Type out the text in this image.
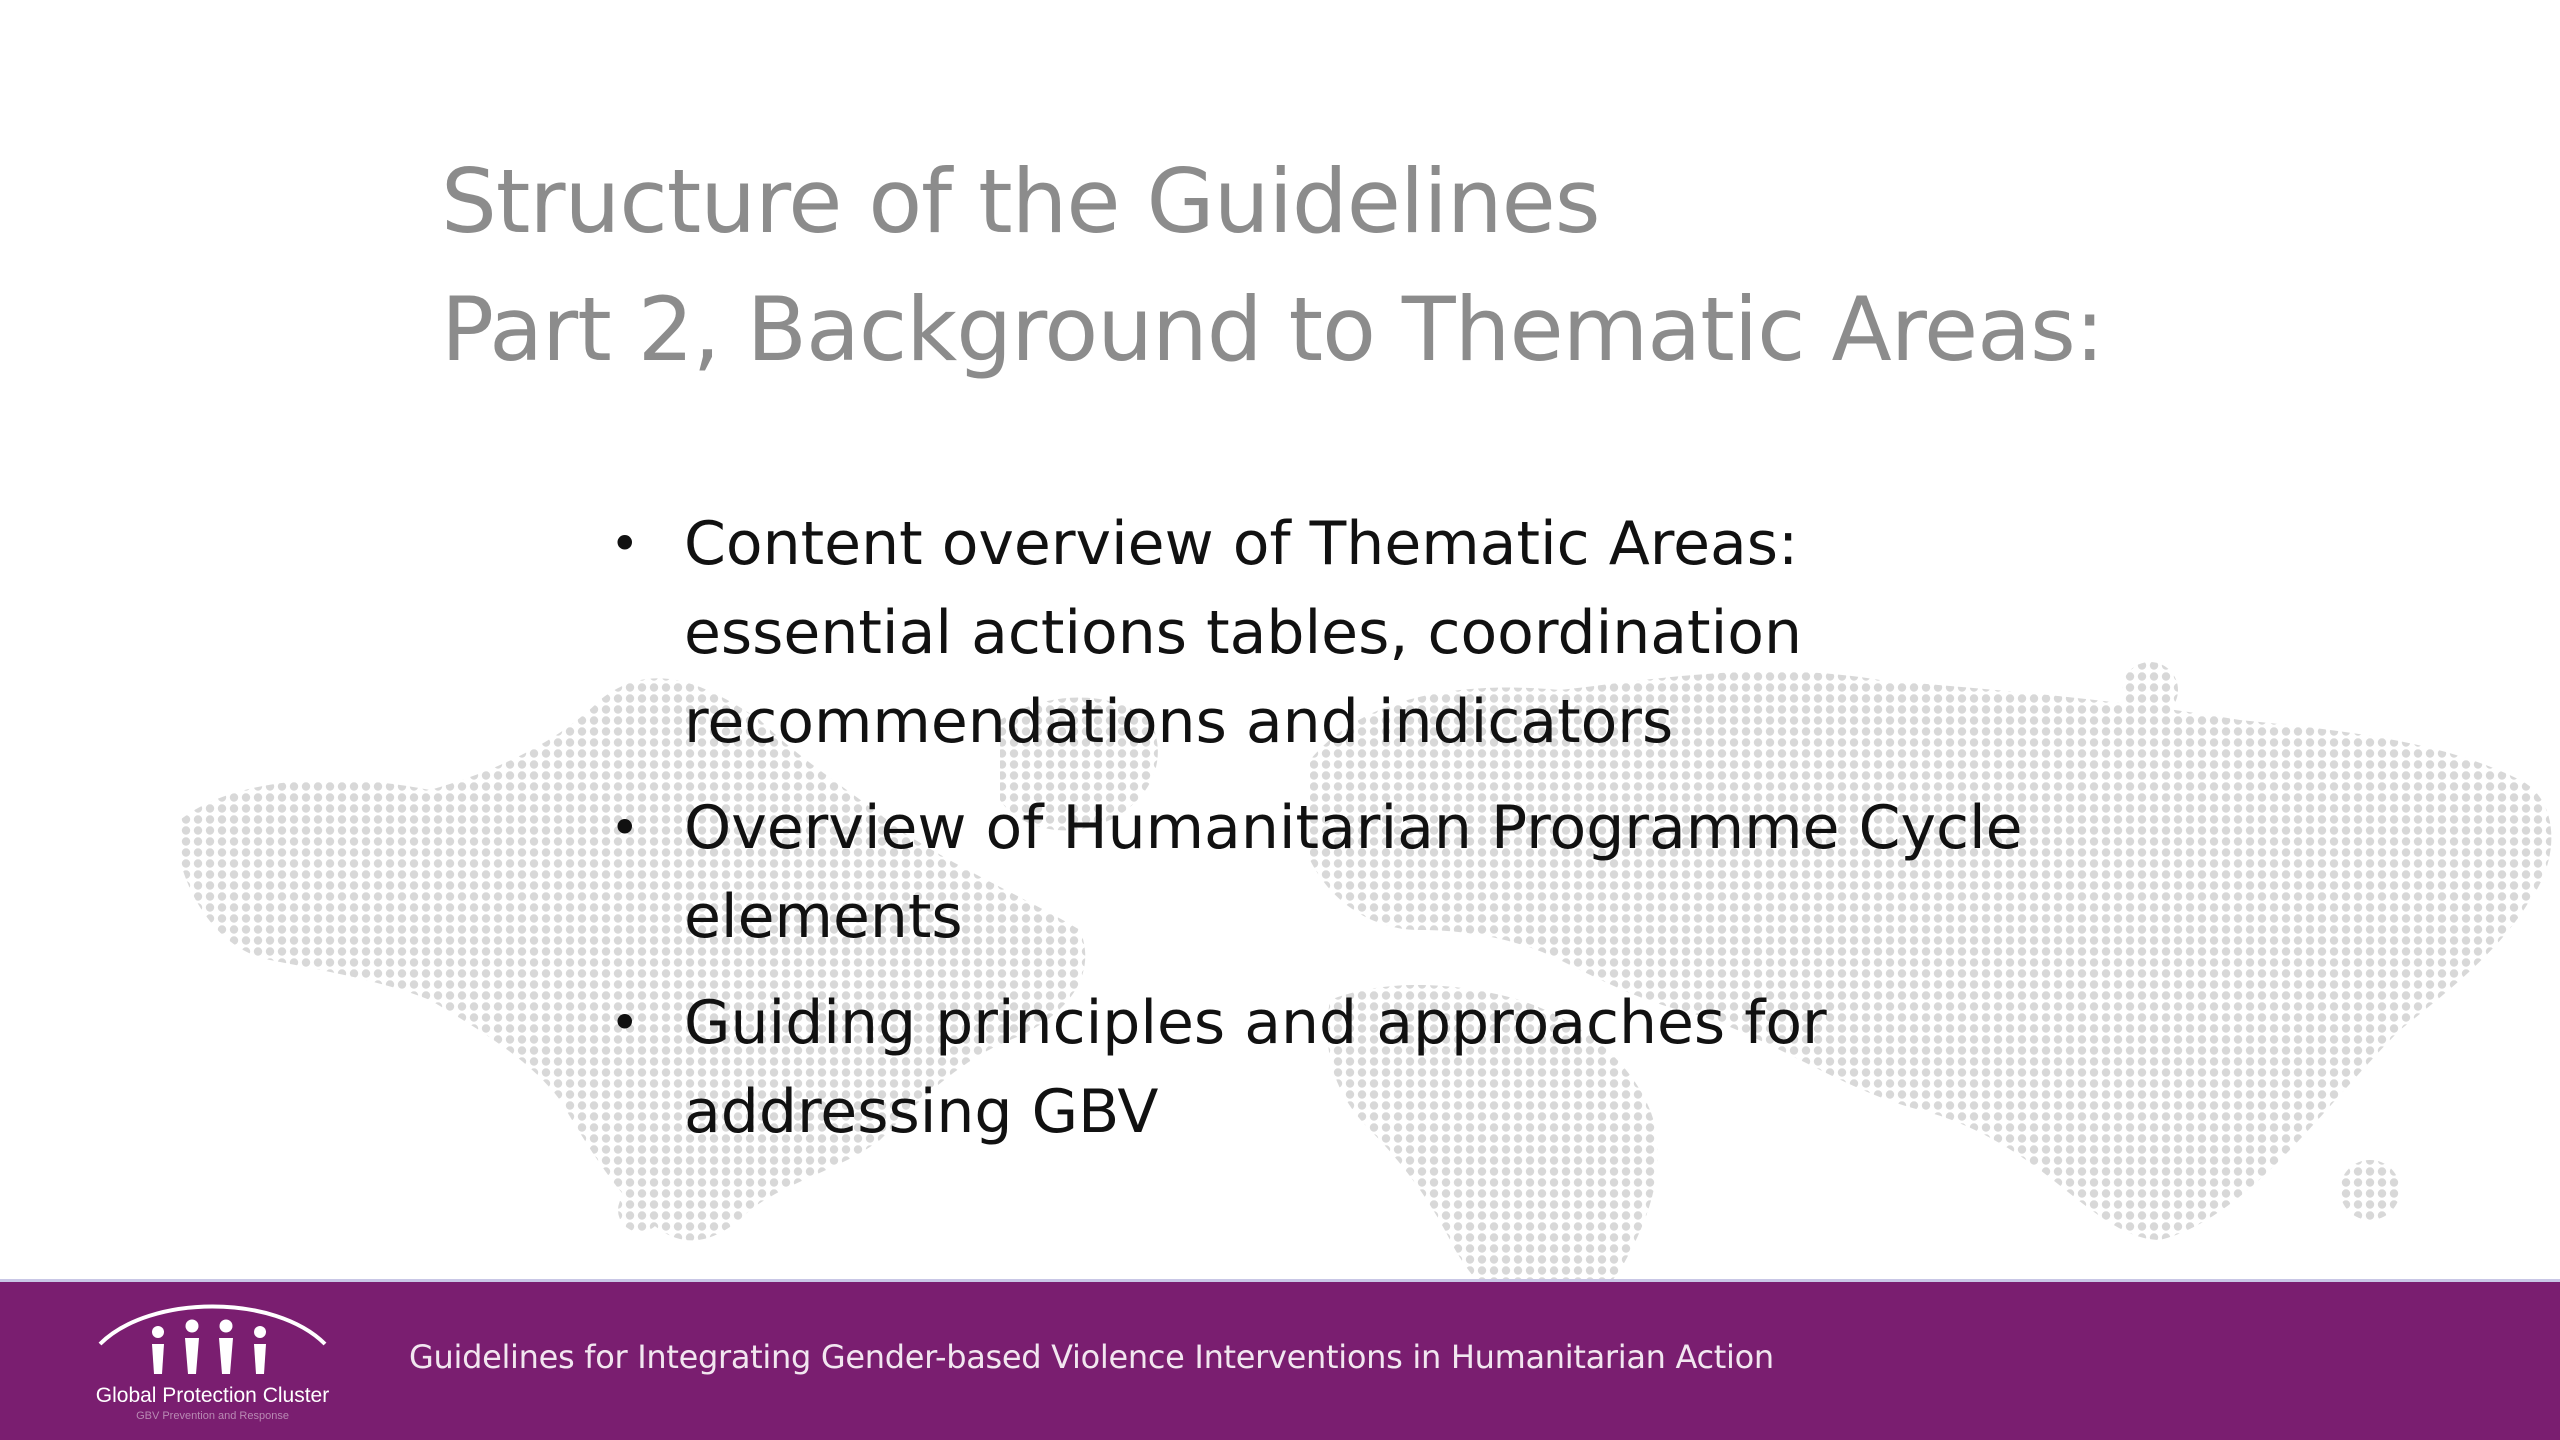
Structure of the Guidelines
Part 2, Background to Thematic Areas:
• Content overview of Thematic Areas:
essential actions tables, coordination
recommendations and indicators
• Overview of Humanitarian Programme Cycle
elements
• Guiding principles and approaches for
addressing GBV
Global Protection Cluster
GBV Prevention and Response
Guidelines for Integrating Gender-based Violence Interventions in Humanitarian Action
